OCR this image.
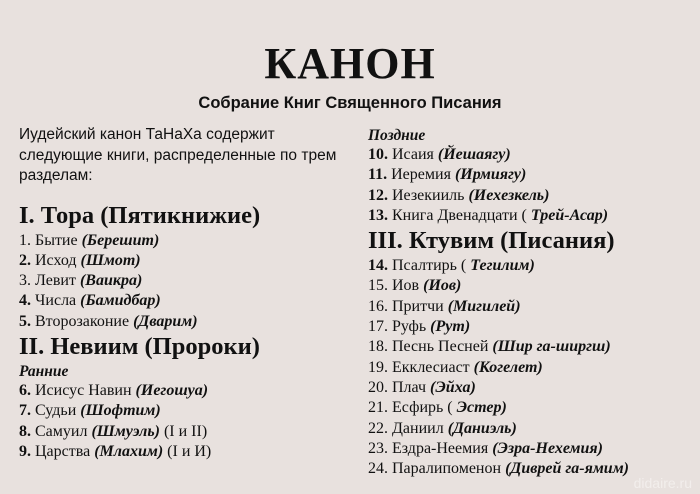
КАНОН
Собрание Книг Священного Писания
Иудейский канон ТаНаХа содержит следующие книги, распределенные по трем разделам:
I. Тора (Пятикнижие)
1. Бытие (Берешит)
2. Исход (Шмот)
3. Левит (Ваикра)
4. Числа (Бамидбар)
5. Второзаконие (Дварим)
II. Невиим (Пророки)
Ранние
6. Исисус Навин (Иегошуа)
7. Судьи (Шофтим)
8. Самуил (Шмуэль) (I и II)
9. Царства (Млахим) (I и И)
Поздние
10. Исаия (Йешаягу)
11. Иеремия (Ирмиягу)
12. Иезекииль (Иехезкель)
13. Книга Двенадцати ( Трей-Асар)
III. Ктувим (Писания)
14. Псалтирь ( Тегилим)
15. Иов (Иов)
16. Притчи (Мигилей)
17. Руфь (Рут)
18. Песнь Песней (Шир га-ширгш)
19. Екклесиаст (Когелет)
20. Плач (Эйха)
21. Есфирь ( Эстер)
22. Даниил (Даниэль)
23. Ездра-Неемия (Эзра-Нехемия)
24. Паралипоменон (Диврей га-ямим)
didaire.ru
